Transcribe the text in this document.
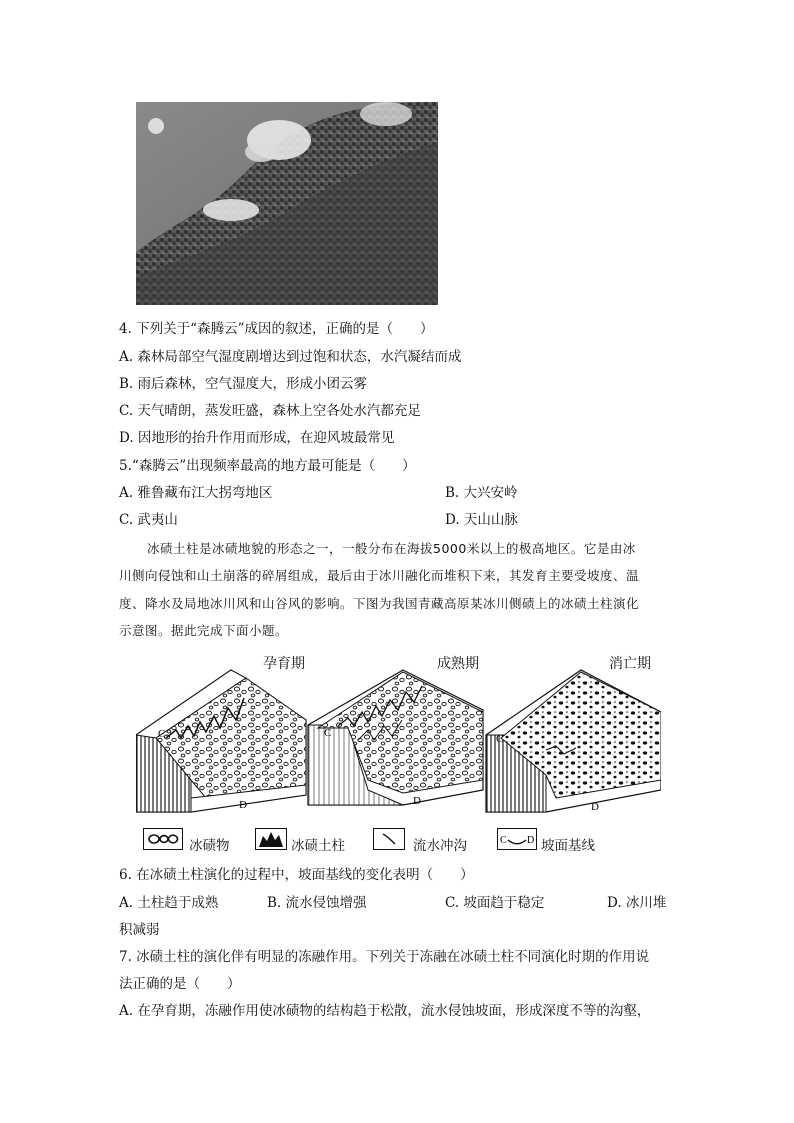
4. 下列关于“森腾云”成因的叙述，正确的是（　　）
A. 森林局部空气湿度剧增达到过饱和状态，水汽凝结而成
B. 雨后森林，空气湿度大，形成小团云雾
C. 天气晴朗，蒸发旺盛，森林上空各处水汽都充足
D. 因地形的抬升作用而形成，在迎风坡最常见
5.“森腾云”出现频率最高的地方最可能是（　　）
A. 雅鲁藏布江大拐弯地区	B. 大兴安岭
C. 武夷山	D. 天山山脉
冰碛土柱是冰碛地貌的形态之一，一般分布在海拔5000米以上的极高地区。它是由冰
川侧向侵蚀和山土崩落的碎屑组成，最后由于冰川融化而堆积下来，其发育主要受坡度、温
度、降水及局地冰川风和山谷风的影响。下图为我国青藏高原某冰川侧碛上的冰碛土柱演化
示意图。据此完成下面小题。
孕育期	成熟期	消亡期
C
D
C
D
C
D
冰碛物	冰碛土柱	流水冲沟	C D 坡面基线
6. 在冰碛土柱演化的过程中，坡面基线的变化表明（　　）
A. 土柱趋于成熟	B. 流水侵蚀增强	C. 坡面趋于稳定	D. 冰川堆
积减弱
7. 冰碛土柱的演化伴有明显的冻融作用。下列关于冻融在冰碛土柱不同演化时期的作用说
法正确的是（　　）
A. 在孕育期，冻融作用使冰碛物的结构趋于松散，流水侵蚀坡面，形成深度不等的沟壑，
